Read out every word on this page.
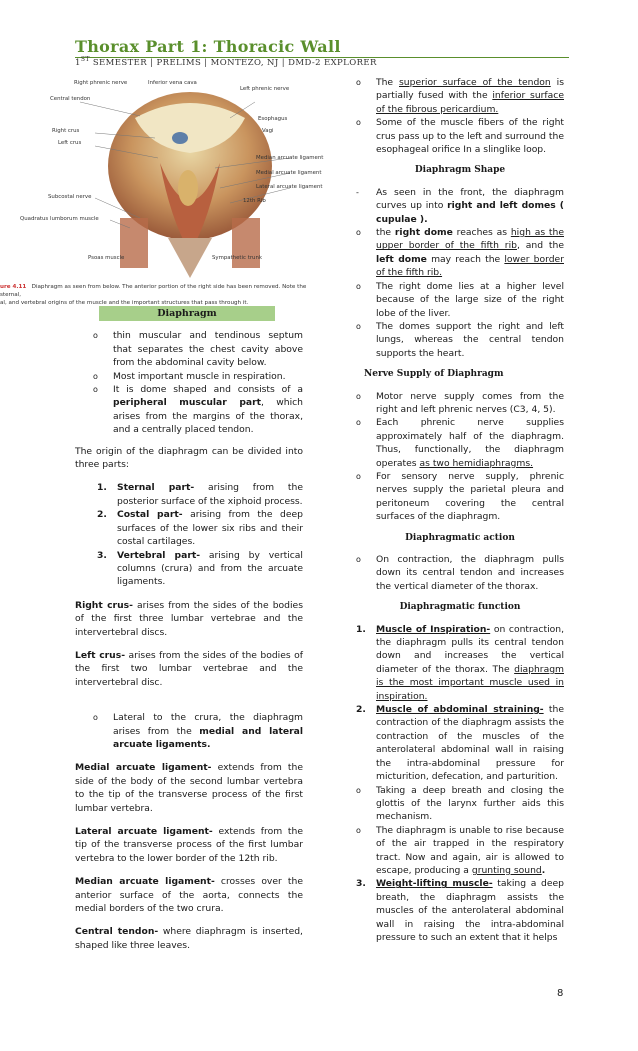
Thorax Part 1: Thoracic Wall
1ST SEMESTER | PRELIMS | MONTEZO, NJ | DMD-2 EXPLORER
Right phrenic nerve	Inferior vena cava
Left phrenic nerve
Central tendon
Esophagus
Vagi
Right crus
Left crus
Median arcuate ligament
Medial arcuate ligament
Lateral arcuate ligament
12th Rib
Subcostal nerve
Quadratus lumborum muscle
Psoas muscle	Sympathetic trunk
ure 4.11 Diaphragm as seen from below. The anterior portion of the right side has been removed. Note the sternal,
al, and vertebral origins of the muscle and the important structures that pass through it.
Diaphragm
o thin muscular and tendinous septum that separates the chest cavity above from the abdominal cavity below.
o Most important muscle in respiration.
o It is dome shaped and consists of a peripheral muscular part, which arises from the margins of the thorax, and a centrally placed tendon.
The origin of the diaphragm can be divided into three parts:
1. Sternal part- arising from the posterior surface of the xiphoid process.
2. Costal part- arising from the deep surfaces of the lower six ribs and their costal cartilages.
3. Vertebral part- arising by vertical columns (crura) and from the arcuate ligaments.
Right crus- arises from the sides of the bodies of the first three lumbar vertebrae and the intervertebral discs.
Left crus- arises from the sides of the bodies of the first two lumbar vertebrae and the intervertebral disc.
o Lateral to the crura, the diaphragm arises from the medial and lateral arcuate ligaments.
Medial arcuate ligament- extends from the side of the body of the second lumbar vertebra to the tip of the transverse process of the first lumbar vertebra.
Lateral arcuate ligament- extends from the tip of the transverse process of the first lumbar vertebra to the lower border of the 12th rib.
Median arcuate ligament- crosses over the anterior surface of the aorta, connects the medial borders of the two crura.
Central tendon- where diaphragm is inserted, shaped like three leaves.
o The superior surface of the tendon is partially fused with the inferior surface of the fibrous pericardium.
o Some of the muscle fibers of the right crus pass up to the left and surround the esophageal orifice In a slinglike loop.
Diaphragm Shape
- As seen in the front, the diaphragm curves up into right and left domes ( cupulae ).
o the right dome reaches as high as the upper border of the fifth rib, and the left dome may reach the lower border of the fifth rib.
o The right dome lies at a higher level because of the large size of the right lobe of the liver.
o The domes support the right and left lungs, whereas the central tendon supports the heart.
Nerve Supply of Diaphragm
o Motor nerve supply comes from the right and left phrenic nerves (C3, 4, 5).
o Each phrenic nerve supplies approximately half of the diaphragm. Thus, functionally, the diaphragm operates as two hemidiaphragms.
o For sensory nerve supply, phrenic nerves supply the parietal pleura and peritoneum covering the central surfaces of the diaphragm.
Diaphragmatic action
o On contraction, the diaphragm pulls down its central tendon and increases the vertical diameter of the thorax.
Diaphragmatic function
1. Muscle of Inspiration- on contraction, the diaphragm pulls its central tendon down and increases the vertical diameter of the thorax. The diaphragm is the most important muscle used in inspiration.
2. Muscle of abdominal straining- the contraction of the diaphragm assists the contraction of the muscles of the anterolateral abdominal wall in raising the intra-abdominal pressure for micturition, defecation, and parturition.
o Taking a deep breath and closing the glottis of the larynx further aids this mechanism.
o The diaphragm is unable to rise because of the air trapped in the respiratory tract. Now and again, air is allowed to escape, producing a grunting sound.
3. Weight-lifting muscle- taking a deep breath, the diaphragm assists the muscles of the anterolateral abdominal wall in raising the intra-abdominal pressure to such an extent that it helps
8
